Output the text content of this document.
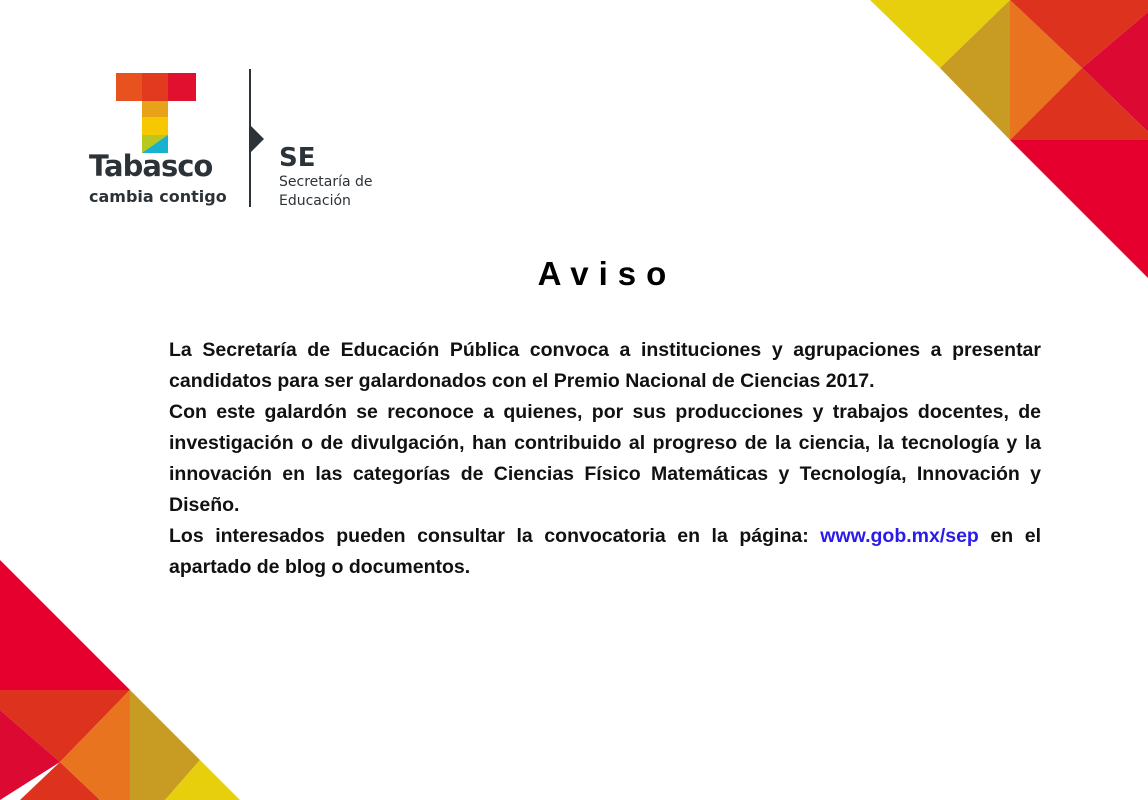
Tabasco
cambia contigo
SE
Secretaría de
Educación
Aviso

La Secretaría de Educación Pública convoca a instituciones y agrupaciones a presentar candidatos para ser galardonados con el Premio Nacional de Ciencias 2017.

Con este galardón se reconoce a quienes, por sus producciones y trabajos docentes, de investigación o de divulgación, han contribuido al progreso de la ciencia, la tecnología y la innovación en las categorías de Ciencias Físico Matemáticas y Tecnología, Innovación y Diseño.

Los interesados pueden consultar la convocatoria en la página: www.gob.mx/sep en el apartado de blog o documentos.
